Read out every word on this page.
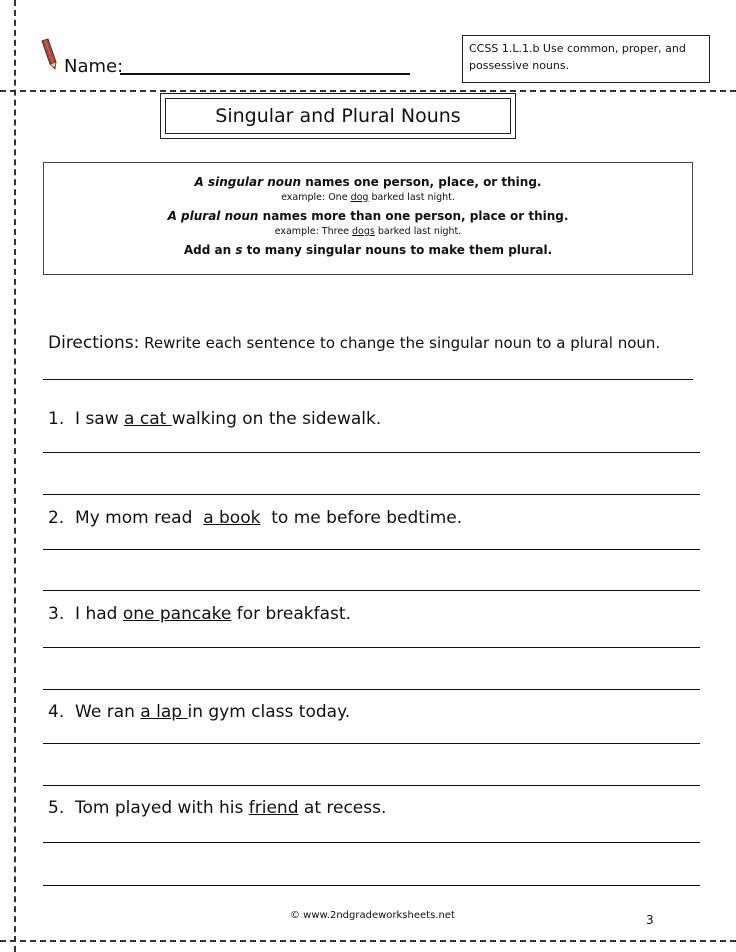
Name:
CCSS 1.L.1.b Use common, proper, and
possessive nouns.
Singular and Plural Nouns
A singular noun names one person, place, or thing.
example: One dog barked last night.
A plural noun names more than one person, place or thing.
example: Three dogs barked last night.
Add an s to many singular nouns to make them plural.
Directions: Rewrite each sentence to change the singular noun to a plural noun.
1.  I saw a cat walking on the sidewalk.
2.  My mom read  a book  to me before bedtime.
3.  I had one pancake for breakfast.
4.  We ran a lap in gym class today.
5.  Tom played with his friend at recess.
© www.2ndgradeworksheets.net	3
